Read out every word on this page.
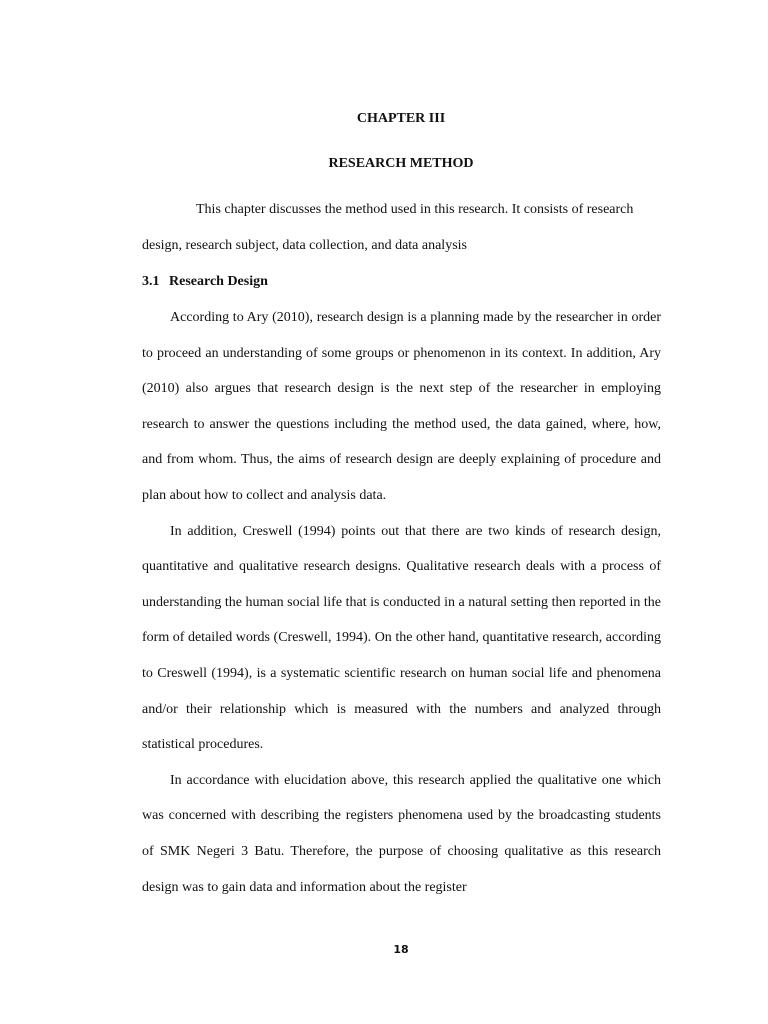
CHAPTER III
RESEARCH METHOD
This chapter discusses the method used in this research. It consists of research
design, research subject, data collection, and data analysis
3.1 Research Design

According to Ary (2010), research design is a planning made by the researcher in order to proceed an understanding of some groups or phenomenon in its context. In addition, Ary (2010) also argues that research design is the next step of the researcher in employing research to answer the questions including the method used, the data gained, where, how, and from whom. Thus, the aims of research design are deeply explaining of procedure and plan about how to collect and analysis data.

In addition, Creswell (1994) points out that there are two kinds of research design, quantitative and qualitative research designs. Qualitative research deals with a process of understanding the human social life that is conducted in a natural setting then reported in the form of detailed words (Creswell, 1994). On the other hand, quantitative research, according to Creswell (1994), is a systematic scientific research on human social life and phenomena and/or their relationship which is measured with the numbers and analyzed through statistical procedures.

In accordance with elucidation above, this research applied the qualitative one which was concerned with describing the registers phenomena used by the broadcasting students of SMK Negeri 3 Batu. Therefore, the purpose of choosing qualitative as this research design was to gain data and information about the register

18
